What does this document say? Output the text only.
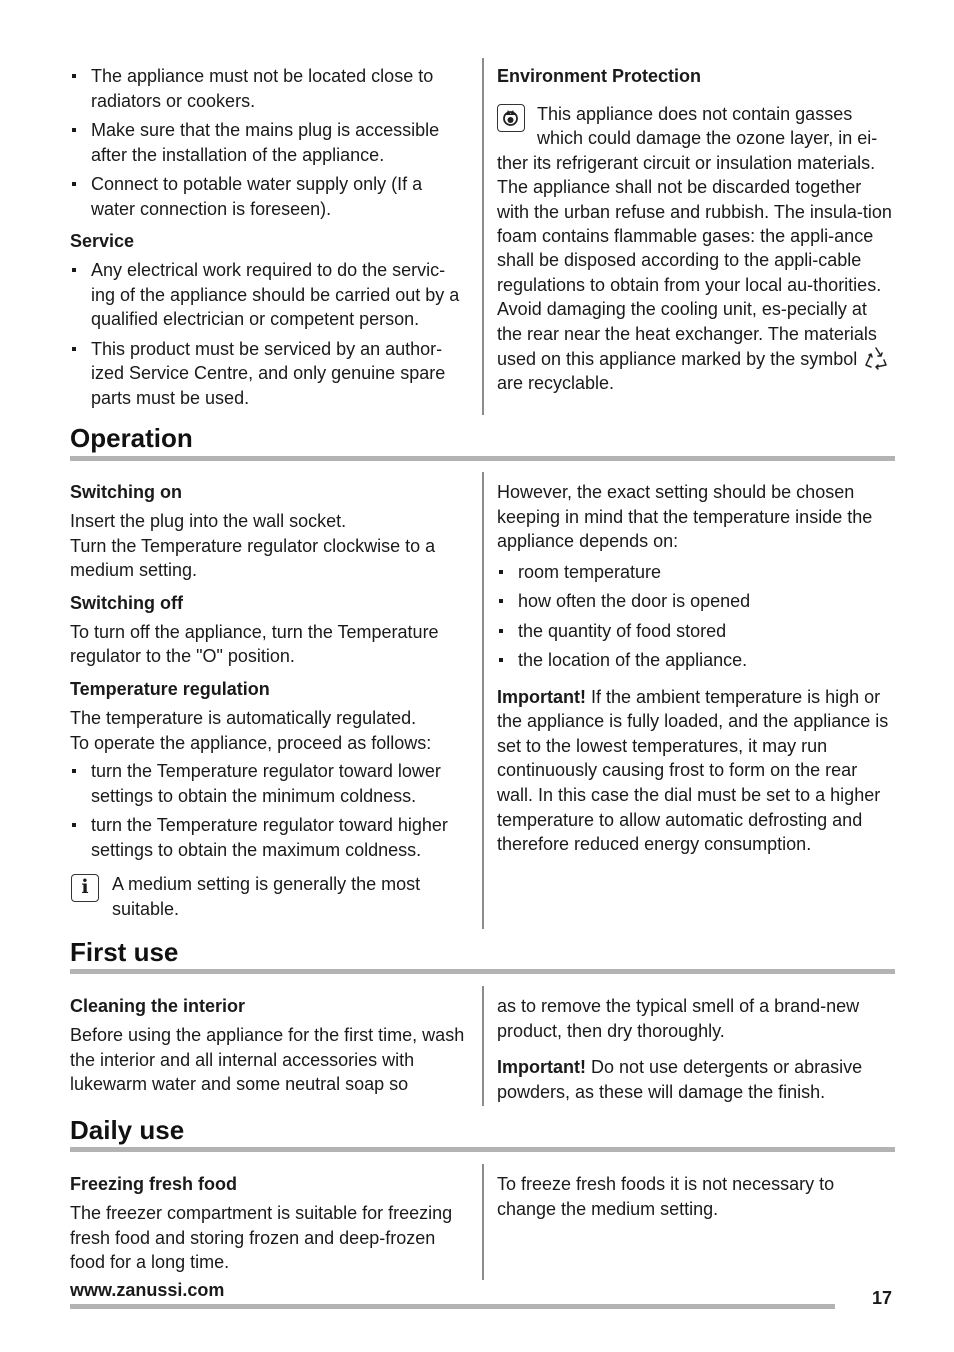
The appliance must not be located close to radiators or cookers.
Make sure that the mains plug is accessible after the installation of the appliance.
Connect to potable water supply only (If a water connection is foreseen).
Service
Any electrical work required to do the servic-ing of the appliance should be carried out by a qualified electrician or competent person.
This product must be serviced by an author-ized Service Centre, and only genuine spare parts must be used.
Environment Protection
This appliance does not contain gasses which could damage the ozone layer, in ei-ther its refrigerant circuit or insulation materials. The appliance shall not be discarded together with the urban refuse and rubbish. The insula-tion foam contains flammable gases: the appli-ance shall be disposed according to the appli-cable regulations to obtain from your local au-thorities. Avoid damaging the cooling unit, es-pecially at the rear near the heat exchanger. The materials used on this appliance marked by the symbol  are recyclable.
Operation
Switching on
Insert the plug into the wall socket.

Turn the Temperature regulator clockwise to a medium setting.

Switching off

To turn off the appliance, turn the Temperature regulator to the "O" position.

Temperature regulation
The temperature is automatically regulated.
To operate the appliance, proceed as follows:
turn the Temperature regulator toward lower settings to obtain the minimum coldness.
turn the Temperature regulator toward higher settings to obtain the maximum coldness.
i	A medium setting is generally the most suitable.

However, the exact setting should be chosen keeping in mind that the temperature inside the appliance depends on:

room temperature
how often the door is opened
the quantity of food stored
the location of the appliance.

Important! If the ambient temperature is high or the appliance is fully loaded, and the appliance is set to the lowest temperatures, it may run continuously causing frost to form on the rear wall. In this case the dial must be set to a higher temperature to allow automatic defrosting and therefore reduced energy consumption.

First use
Cleaning the interior

Before using the appliance for the first time, wash the interior and all internal accessories with lukewarm water and some neutral soap so

as to remove the typical smell of a brand-new product, then dry thoroughly.

Important! Do not use detergents or abrasive powders, as these will damage the finish.

Daily use
Freezing fresh food

The freezer compartment is suitable for freezing fresh food and storing frozen and deep-frozen food for a long time.

To freeze fresh foods it is not necessary to change the medium setting.

www.zanussi.com	17
